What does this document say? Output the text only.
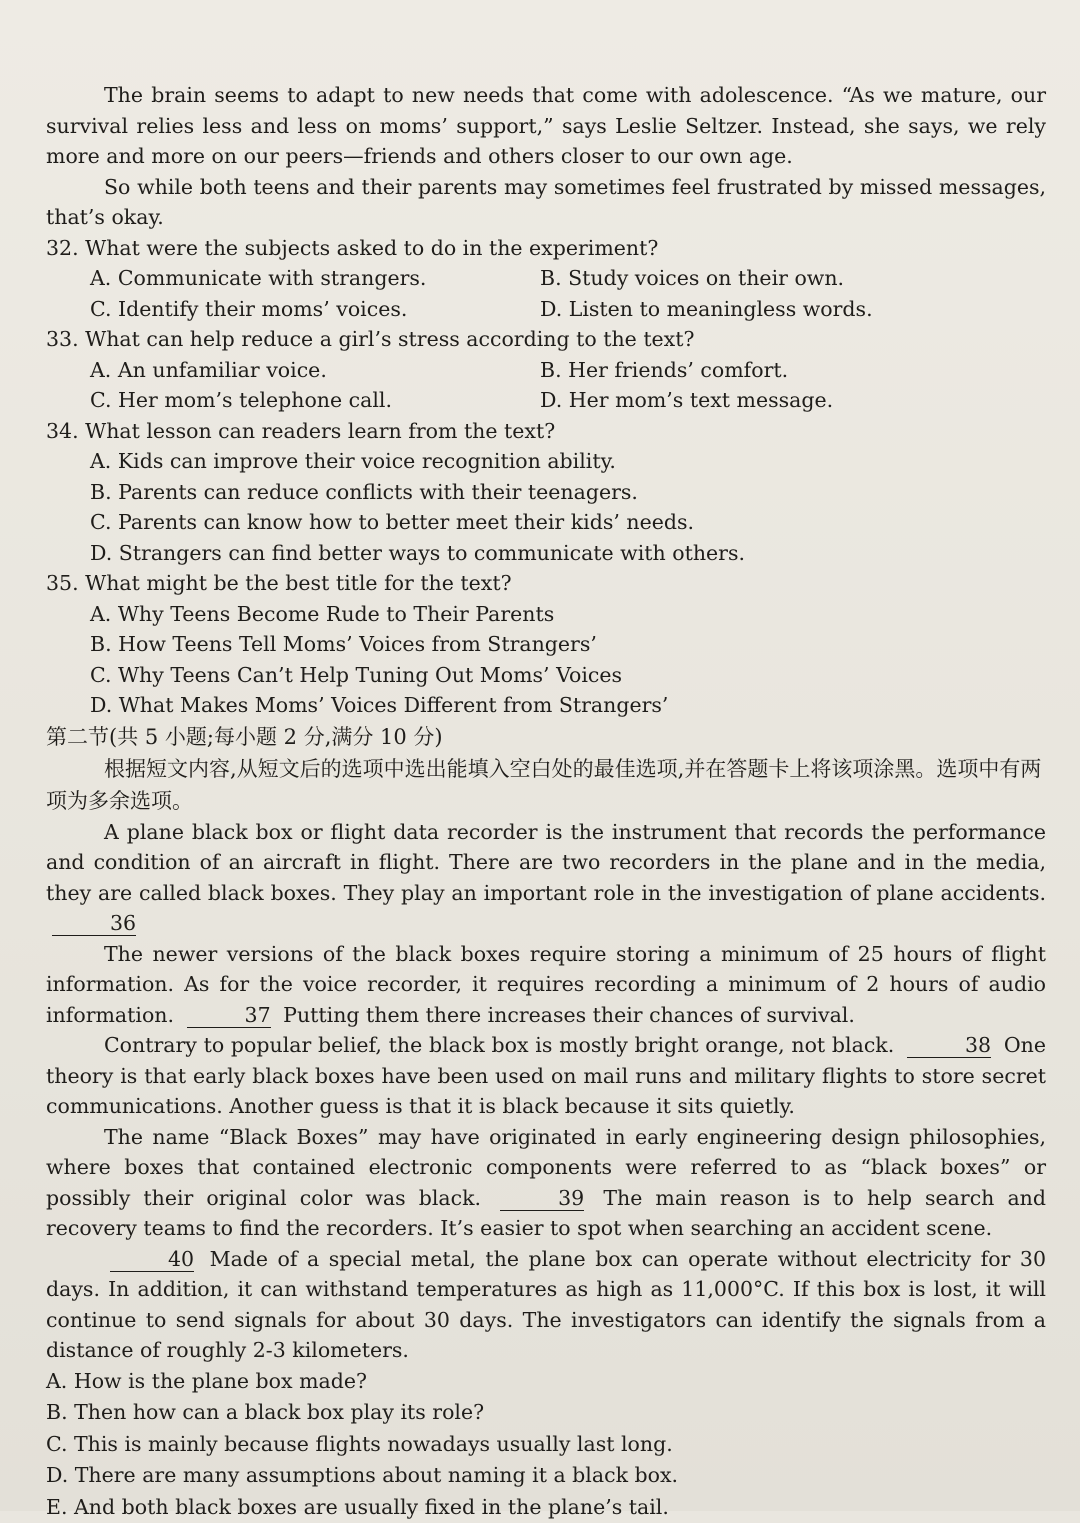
The brain seems to adapt to new needs that come with adolescence. “As we mature, our survival relies less and less on moms’ support,” says Leslie Seltzer. Instead, she says, we rely more and more on our peers—friends and others closer to our own age.

So while both teens and their parents may sometimes feel frustrated by missed messages, that’s okay.

32. What were the subjects asked to do in the experiment?
A. Communicate with strangers.	B. Study voices on their own.
C. Identify their moms’ voices.	D. Listen to meaningless words.
33. What can help reduce a girl’s stress according to the text?
A. An unfamiliar voice.	B. Her friends’ comfort.
C. Her mom’s telephone call.	D. Her mom’s text message.
34. What lesson can readers learn from the text?
A. Kids can improve their voice recognition ability.
B. Parents can reduce conflicts with their teenagers.
C. Parents can know how to better meet their kids’ needs.
D. Strangers can find better ways to communicate with others.
35. What might be the best title for the text?
A. Why Teens Become Rude to Their Parents
B. How Teens Tell Moms’ Voices from Strangers’
C. Why Teens Can’t Help Tuning Out Moms’ Voices
D. What Makes Moms’ Voices Different from Strangers’
第二节(共 5 小题;每小题 2 分,满分 10 分)
根据短文内容,从短文后的选项中选出能填入空白处的最佳选项,并在答题卡上将该项涂黑。选项中有两项为多余选项。

A plane black box or flight data recorder is the instrument that records the performance and condition of an aircraft in flight. There are two recorders in the plane and in the media, they are called black boxes. They play an important role in the investigation of plane accidents. 36

The newer versions of the black boxes require storing a minimum of 25 hours of flight information. As for the voice recorder, it requires recording a minimum of 2 hours of audio information.	37 Putting them there increases their chances of survival.

Contrary to popular belief, the black box is mostly bright orange, not black.	38 One theory is that early black boxes have been used on mail runs and military flights to store secret communications. Another guess is that it is black because it sits quietly.

The name “Black Boxes” may have originated in early engineering design philosophies, where boxes that contained electronic components were referred to as “black boxes” or possibly their original color was black.	39 The main reason is to help search and recovery teams to find the recorders. It’s easier to spot when searching an accident scene.

40 Made of a special metal, the plane box can operate without electricity for 30 days. In addition, it can withstand temperatures as high as 11,000°C. If this box is lost, it will continue to send signals for about 30 days. The investigators can identify the signals from a distance of roughly 2-3 kilometers.

A. How is the plane box made?
B. Then how can a black box play its role?
C. This is mainly because flights nowadays usually last long.
D. There are many assumptions about naming it a black box.
E. And both black boxes are usually fixed in the plane’s tail.
